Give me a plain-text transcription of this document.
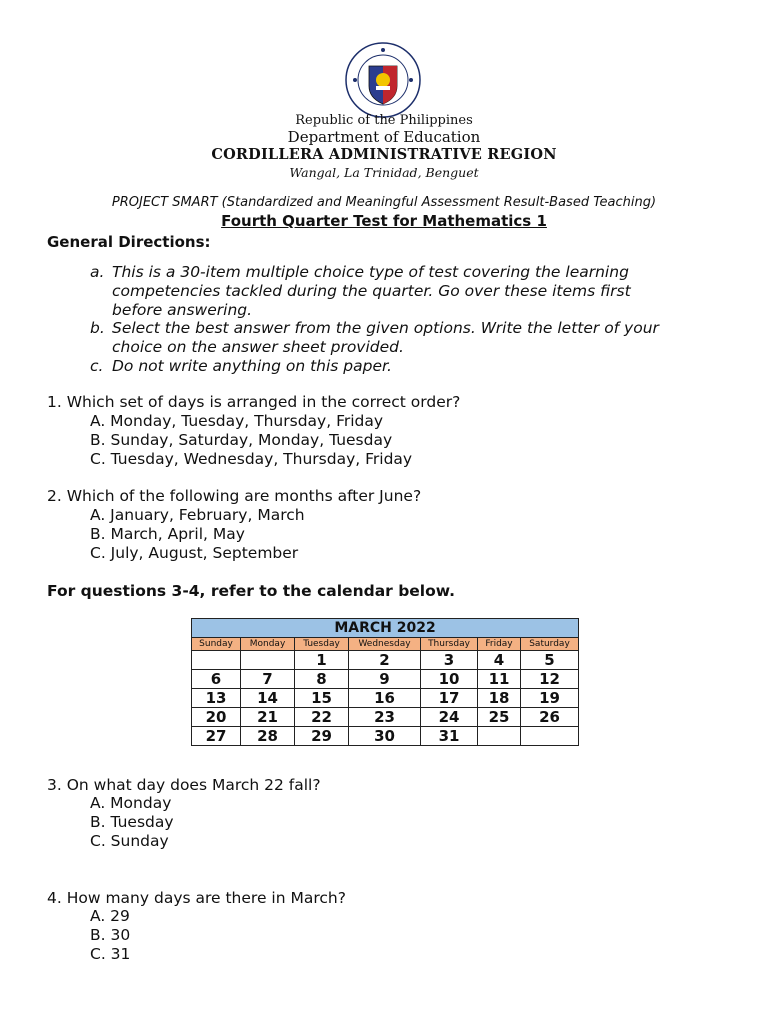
Republic of the Philippines
Department of Education
CORDILLERA ADMINISTRATIVE REGION
Wangal, La Trinidad, Benguet
PROJECT SMART (Standardized and Meaningful Assessment Result-Based Teaching)
Fourth Quarter Test for Mathematics 1
General Directions:
a. This is a 30-item multiple choice type of test covering the learning
competencies tackled during the quarter. Go over these items first
before answering.
b. Select the best answer from the given options. Write the letter of your
choice on the answer sheet provided.
c. Do not write anything on this paper.
1. Which set of days is arranged in the correct order?
A. Monday, Tuesday, Thursday, Friday
B. Sunday, Saturday, Monday, Tuesday
C. Tuesday, Wednesday, Thursday, Friday
2. Which of the following are months after June?
A. January, February, March
B. March, April, May
C. July, August, September
For questions 3-4, refer to the calendar below.
MARCH 2022						
Sunday	Monday	Tuesday	Wednesday	Thursday	Friday	Saturday
		1	2	3	4	5
6	7	8	9	10	11	12
13	14	15	16	17	18	19
20	21	22	23	24	25	26
27	28	29	30	31		
3. On what day does March 22 fall?
A. Monday
B. Tuesday
C. Sunday
4. How many days are there in March?
A. 29
B. 30
C. 31
